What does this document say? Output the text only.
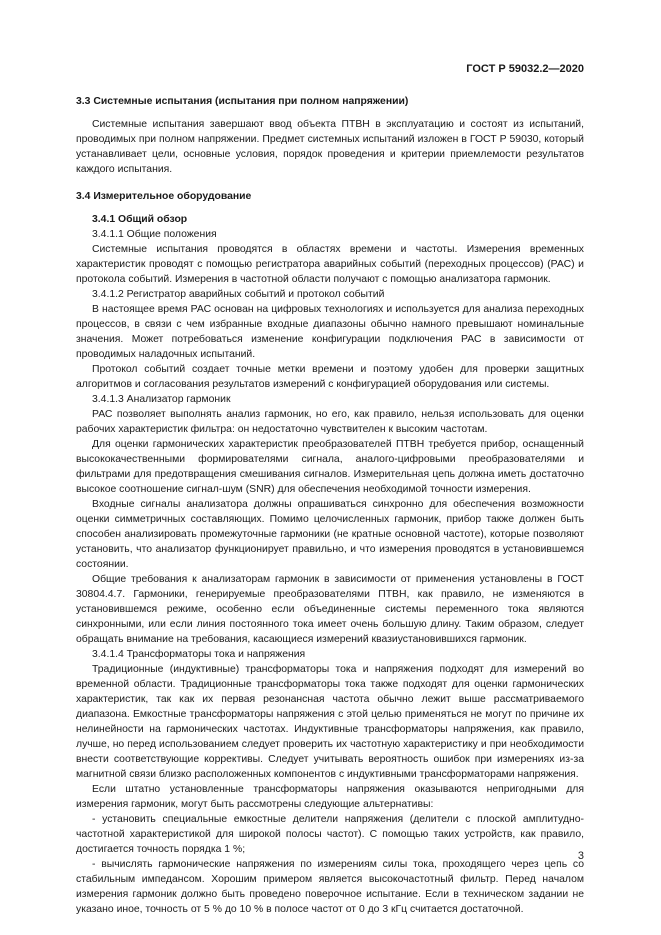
ГОСТ Р 59032.2—2020

3.3 Системные испытания (испытания при полном напряжении)

Системные испытания завершают ввод объекта ПТВН в эксплуатацию и состоят из испытаний, проводимых при полном напряжении. Предмет системных испытаний изложен в ГОСТ Р 59030, который устанавливает цели, основные условия, порядок проведения и критерии приемлемости результатов каждого испытания.

3.4 Измерительное оборудование

3.4.1 Общий обзор

3.4.1.1 Общие положения

Системные испытания проводятся в областях времени и частоты. Измерения временных характеристик проводят с помощью регистратора аварийных событий (переходных процессов) (РАС) и протокола событий. Измерения в частотной области получают с помощью анализатора гармоник.

3.4.1.2 Регистратор аварийных событий и протокол событий

В настоящее время РАС основан на цифровых технологиях и используется для анализа переходных процессов, в связи с чем избранные входные диапазоны обычно намного превышают номинальные значения. Может потребоваться изменение конфигурации подключения РАС в зависимости от проводимых наладочных испытаний.

Протокол событий создает точные метки времени и поэтому удобен для проверки защитных алгоритмов и согласования результатов измерений с конфигурацией оборудования или системы.

3.4.1.3 Анализатор гармоник

РАС позволяет выполнять анализ гармоник, но его, как правило, нельзя использовать для оценки рабочих характеристик фильтра: он недостаточно чувствителен к высоким частотам.

Для оценки гармонических характеристик преобразователей ПТВН требуется прибор, оснащенный высококачественными формирователями сигнала, аналого-цифровыми преобразователями и фильтрами для предотвращения смешивания сигналов. Измерительная цепь должна иметь достаточно высокое соотношение сигнал-шум (SNR) для обеспечения необходимой точности измерения.

Входные сигналы анализатора должны опрашиваться синхронно для обеспечения возможности оценки симметричных составляющих. Помимо целочисленных гармоник, прибор также должен быть способен анализировать промежуточные гармоники (не кратные основной частоте), которые позволяют установить, что анализатор функционирует правильно, и что измерения проводятся в установившемся состоянии.

Общие требования к анализаторам гармоник в зависимости от применения установлены в ГОСТ 30804.4.7. Гармоники, генерируемые преобразователями ПТВН, как правило, не изменяются в установившемся режиме, особенно если объединенные системы переменного тока являются синхронными, или если линия постоянного тока имеет очень большую длину. Таким образом, следует обращать внимание на требования, касающиеся измерений квазиустановившихся гармоник.

3.4.1.4 Трансформаторы тока и напряжения

Традиционные (индуктивные) трансформаторы тока и напряжения подходят для измерений во временной области. Традиционные трансформаторы тока также подходят для оценки гармонических характеристик, так как их первая резонансная частота обычно лежит выше рассматриваемого диапазона. Емкостные трансформаторы напряжения с этой целью применяться не могут по причине их нелинейности на гармонических частотах. Индуктивные трансформаторы напряжения, как правило, лучше, но перед использованием следует проверить их частотную характеристику и при необходимости внести соответствующие коррективы. Следует учитывать вероятность ошибок при измерениях из-за магнитной связи близко расположенных компонентов с индуктивными трансформаторами напряжения.

Если штатно установленные трансформаторы напряжения оказываются непригодными для измерения гармоник, могут быть рассмотрены следующие альтернативы:

- установить специальные емкостные делители напряжения (делители с плоской амплитудно-частотной характеристикой для широкой полосы частот). С помощью таких устройств, как правило, достигается точность порядка 1 %;

- вычислять гармонические напряжения по измерениям силы тока, проходящего через цепь со стабильным импедансом. Хорошим примером является высокочастотный фильтр. Перед началом измерения гармоник должно быть проведено поверочное испытание. Если в техническом задании не указано иное, точность от 5 % до 10 % в полосе частот от 0 до 3 кГц считается достаточной.

3
